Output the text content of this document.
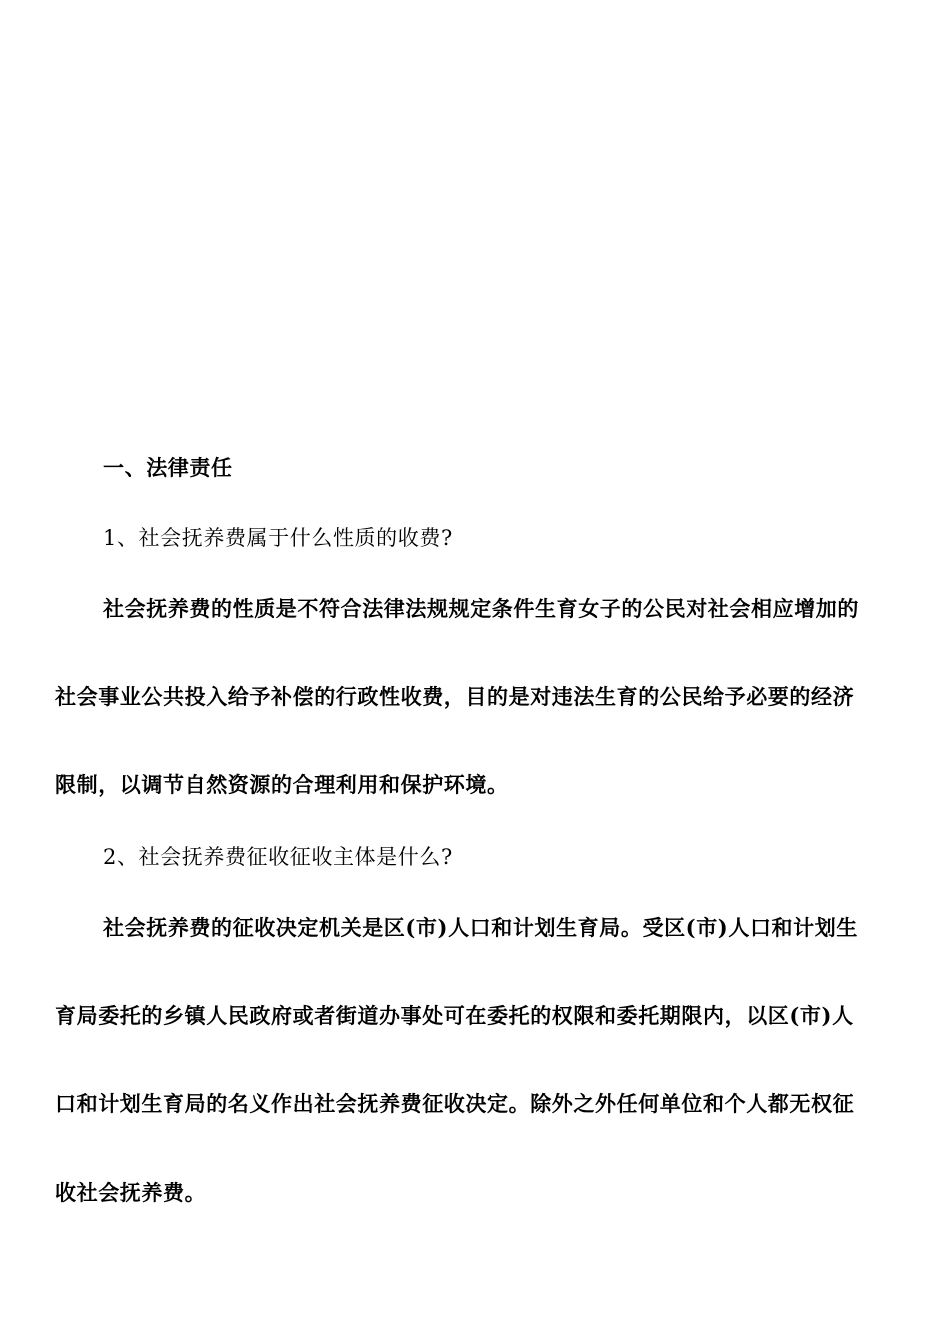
一、法律责任
1、社会抚养费属于什么性质的收费?
社会抚养费的性质是不符合法律法规规定条件生育女子的公民对社会相应增加的
社会事业公共投入给予补偿的行政性收费，目的是对违法生育的公民给予必要的经济
限制，以调节自然资源的合理利用和保护环境。
2、社会抚养费征收征收主体是什么?
社会抚养费的征收决定机关是区(市)人口和计划生育局。受区(市)人口和计划生
育局委托的乡镇人民政府或者街道办事处可在委托的权限和委托期限内，以区(市)人
口和计划生育局的名义作出社会抚养费征收决定。除外之外任何单位和个人都无权征
收社会抚养费。
